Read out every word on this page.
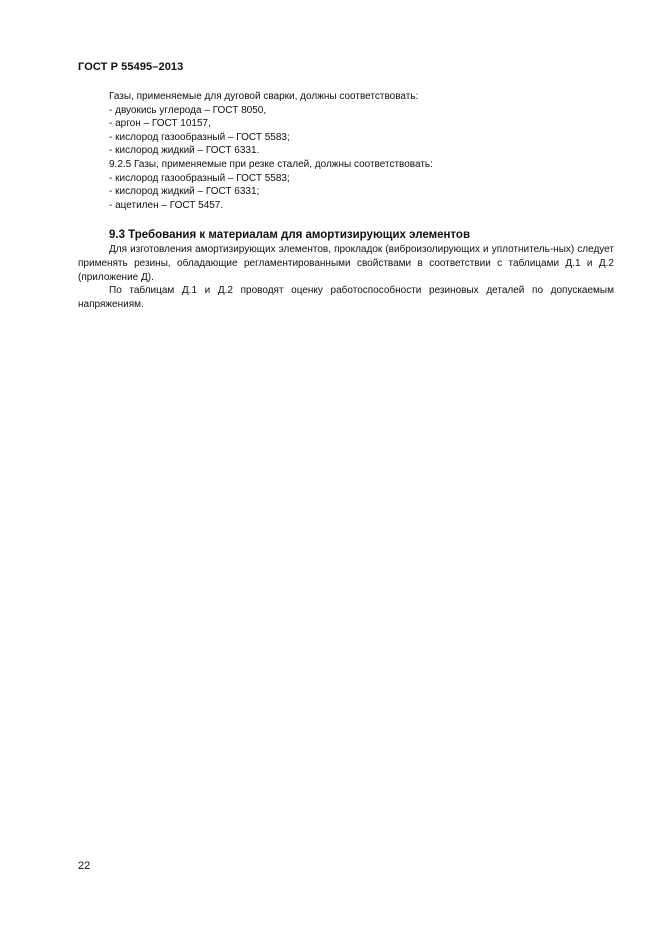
ГОСТ Р 55495–2013

Газы, применяемые для дуговой сварки, должны соответствовать:

- двуокись углерода – ГОСТ 8050,

- аргон – ГОСТ 10157,

- кислород газообразный – ГОСТ 5583;

- кислород жидкий – ГОСТ 6331.

9.2.5 Газы, применяемые при резке сталей, должны соответствовать:

- кислород газообразный – ГОСТ 5583;

- кислород жидкий – ГОСТ 6331;

- ацетилен – ГОСТ 5457.

9.3 Требования к материалам для амортизирующих элементов

Для изготовления амортизирующих элементов, прокладок (виброизолирующих и уплотнитель-ных) следует применять резины, обладающие регламентированными свойствами в соответствии с таблицами Д.1 и Д.2 (приложение Д).

По таблицам Д.1 и Д.2 проводят оценку работоспособности резиновых деталей по допускаемым напряжениям.

22
